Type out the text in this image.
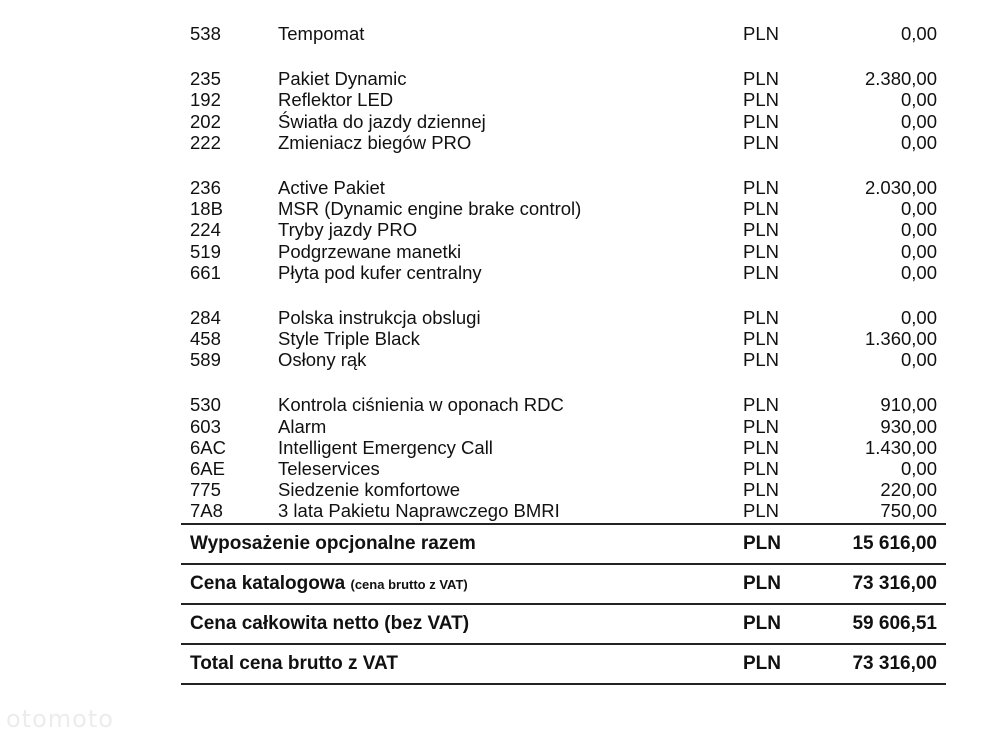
538	Tempomat	PLN	0,00
235	Pakiet Dynamic	PLN	2.380,00
192	Reflektor LED	PLN	0,00
202	Światła do jazdy dziennej	PLN	0,00
222	Zmieniacz biegów PRO	PLN	0,00
236	Active Pakiet	PLN	2.030,00
18B	MSR (Dynamic engine brake control)	PLN	0,00
224	Tryby jazdy PRO	PLN	0,00
519	Podgrzewane manetki	PLN	0,00
661	Płyta pod kufer centralny	PLN	0,00
284	Polska instrukcja obslugi	PLN	0,00
458	Style Triple Black	PLN	1.360,00
589	Osłony rąk	PLN	0,00
530	Kontrola ciśnienia w oponach RDC	PLN	910,00
603	Alarm	PLN	930,00
6AC	Intelligent Emergency Call	PLN	1.430,00
6AE	Teleservices	PLN	0,00
775	Siedzenie komfortowe	PLN	220,00
7A8	3 lata Pakietu Naprawczego BMRI	PLN	750,00
Wyposażenie opcjonalne razem	PLN	15 616,00
Cena katalogowa (cena brutto z VAT)	PLN	73 316,00
Cena całkowita netto (bez VAT)	PLN	59 606,51
Total cena brutto z VAT	PLN	73 316,00
otomoto
